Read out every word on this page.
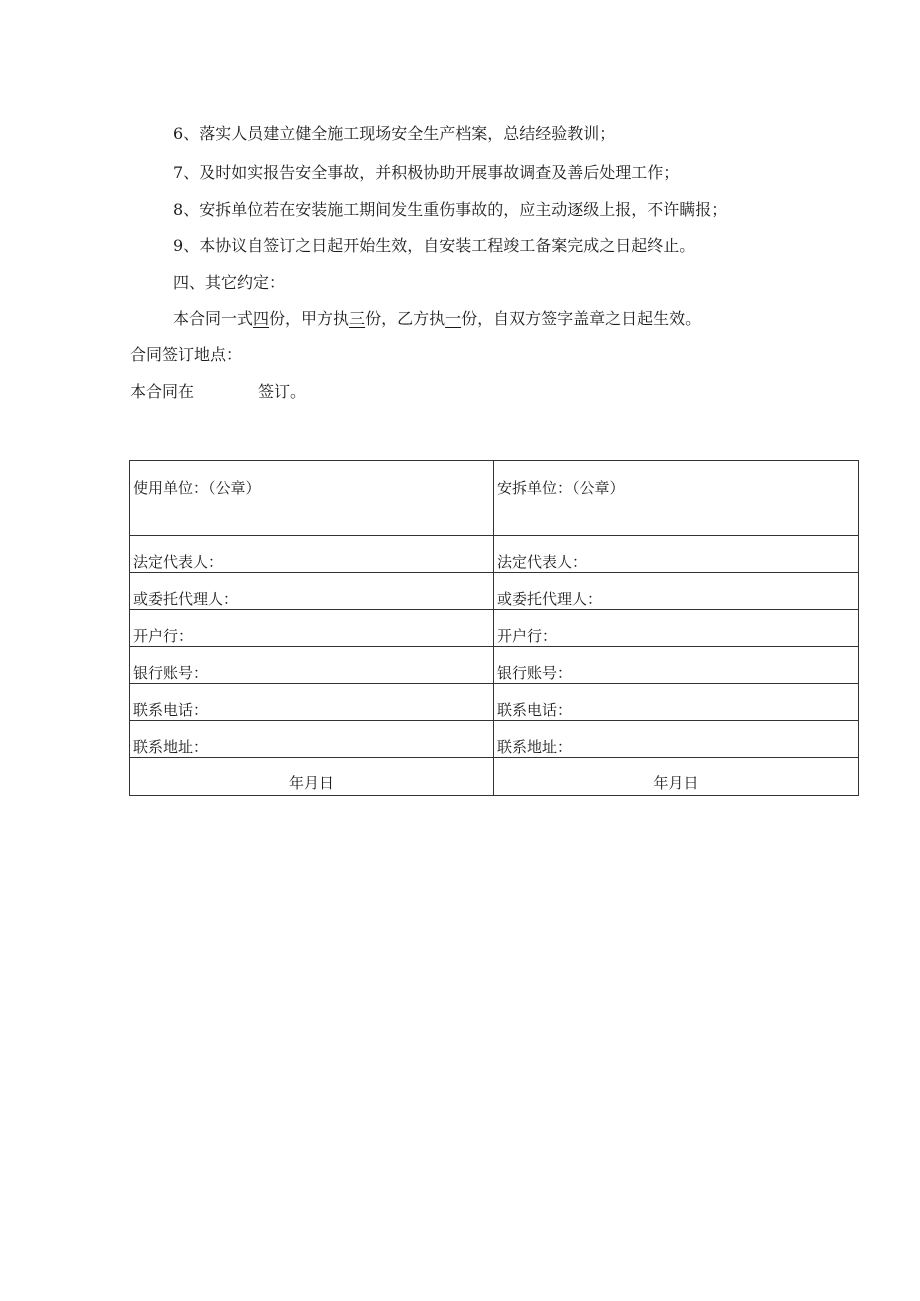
6、落实人员建立健全施工现场安全生产档案，总结经验教训；
7、及时如实报告安全事故，并积极协助开展事故调查及善后处理工作；
8、安拆单位若在安装施工期间发生重伤事故的，应主动逐级上报，不许瞒报；
9、本协议自签订之日起开始生效，自安装工程竣工备案完成之日起终止。
四、其它约定：
本合同一式四份，甲方执三份，乙方执一份，自双方签字盖章之日起生效。
合同签订地点：
本合同在	签订。
使用单位：（公章）	安拆单位：（公章）
法定代表人：	法定代表人：
或委托代理人：	或委托代理人：
开户行：	开户行：
银行账号：	银行账号：
联系电话：	联系电话：
联系地址：	联系地址：
年月日	年月日
